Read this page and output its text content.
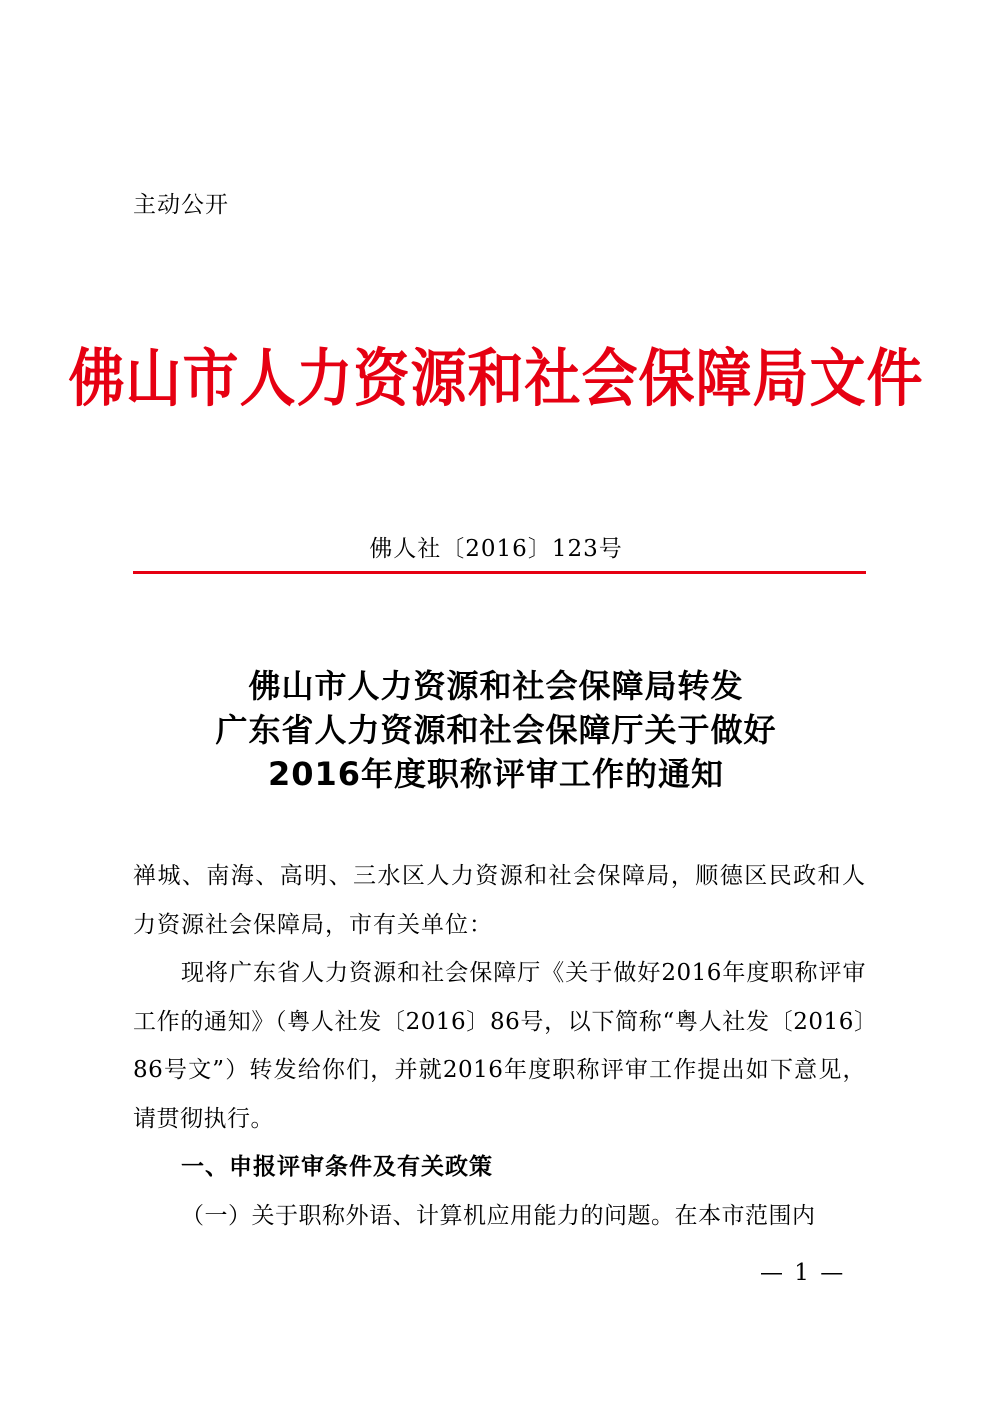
主动公开
佛山市人力资源和社会保障局文件
佛人社〔2016〕123号
佛山市人力资源和社会保障局转发
广东省人力资源和社会保障厅关于做好
2016年度职称评审工作的通知

禅城、南海、高明、三水区人力资源和社会保障局，顺德区民政和人力资源社会保障局，市有关单位：

现将广东省人力资源和社会保障厅《关于做好2016年度职称评审工作的通知》（粤人社发〔2016〕86号，以下简称“粤人社发〔2016〕86号文”）转发给你们，并就2016年度职称评审工作提出如下意见，请贯彻执行。

一、申报评审条件及有关政策

（一）关于职称外语、计算机应用能力的问题。在本市范围内

— 1 —
